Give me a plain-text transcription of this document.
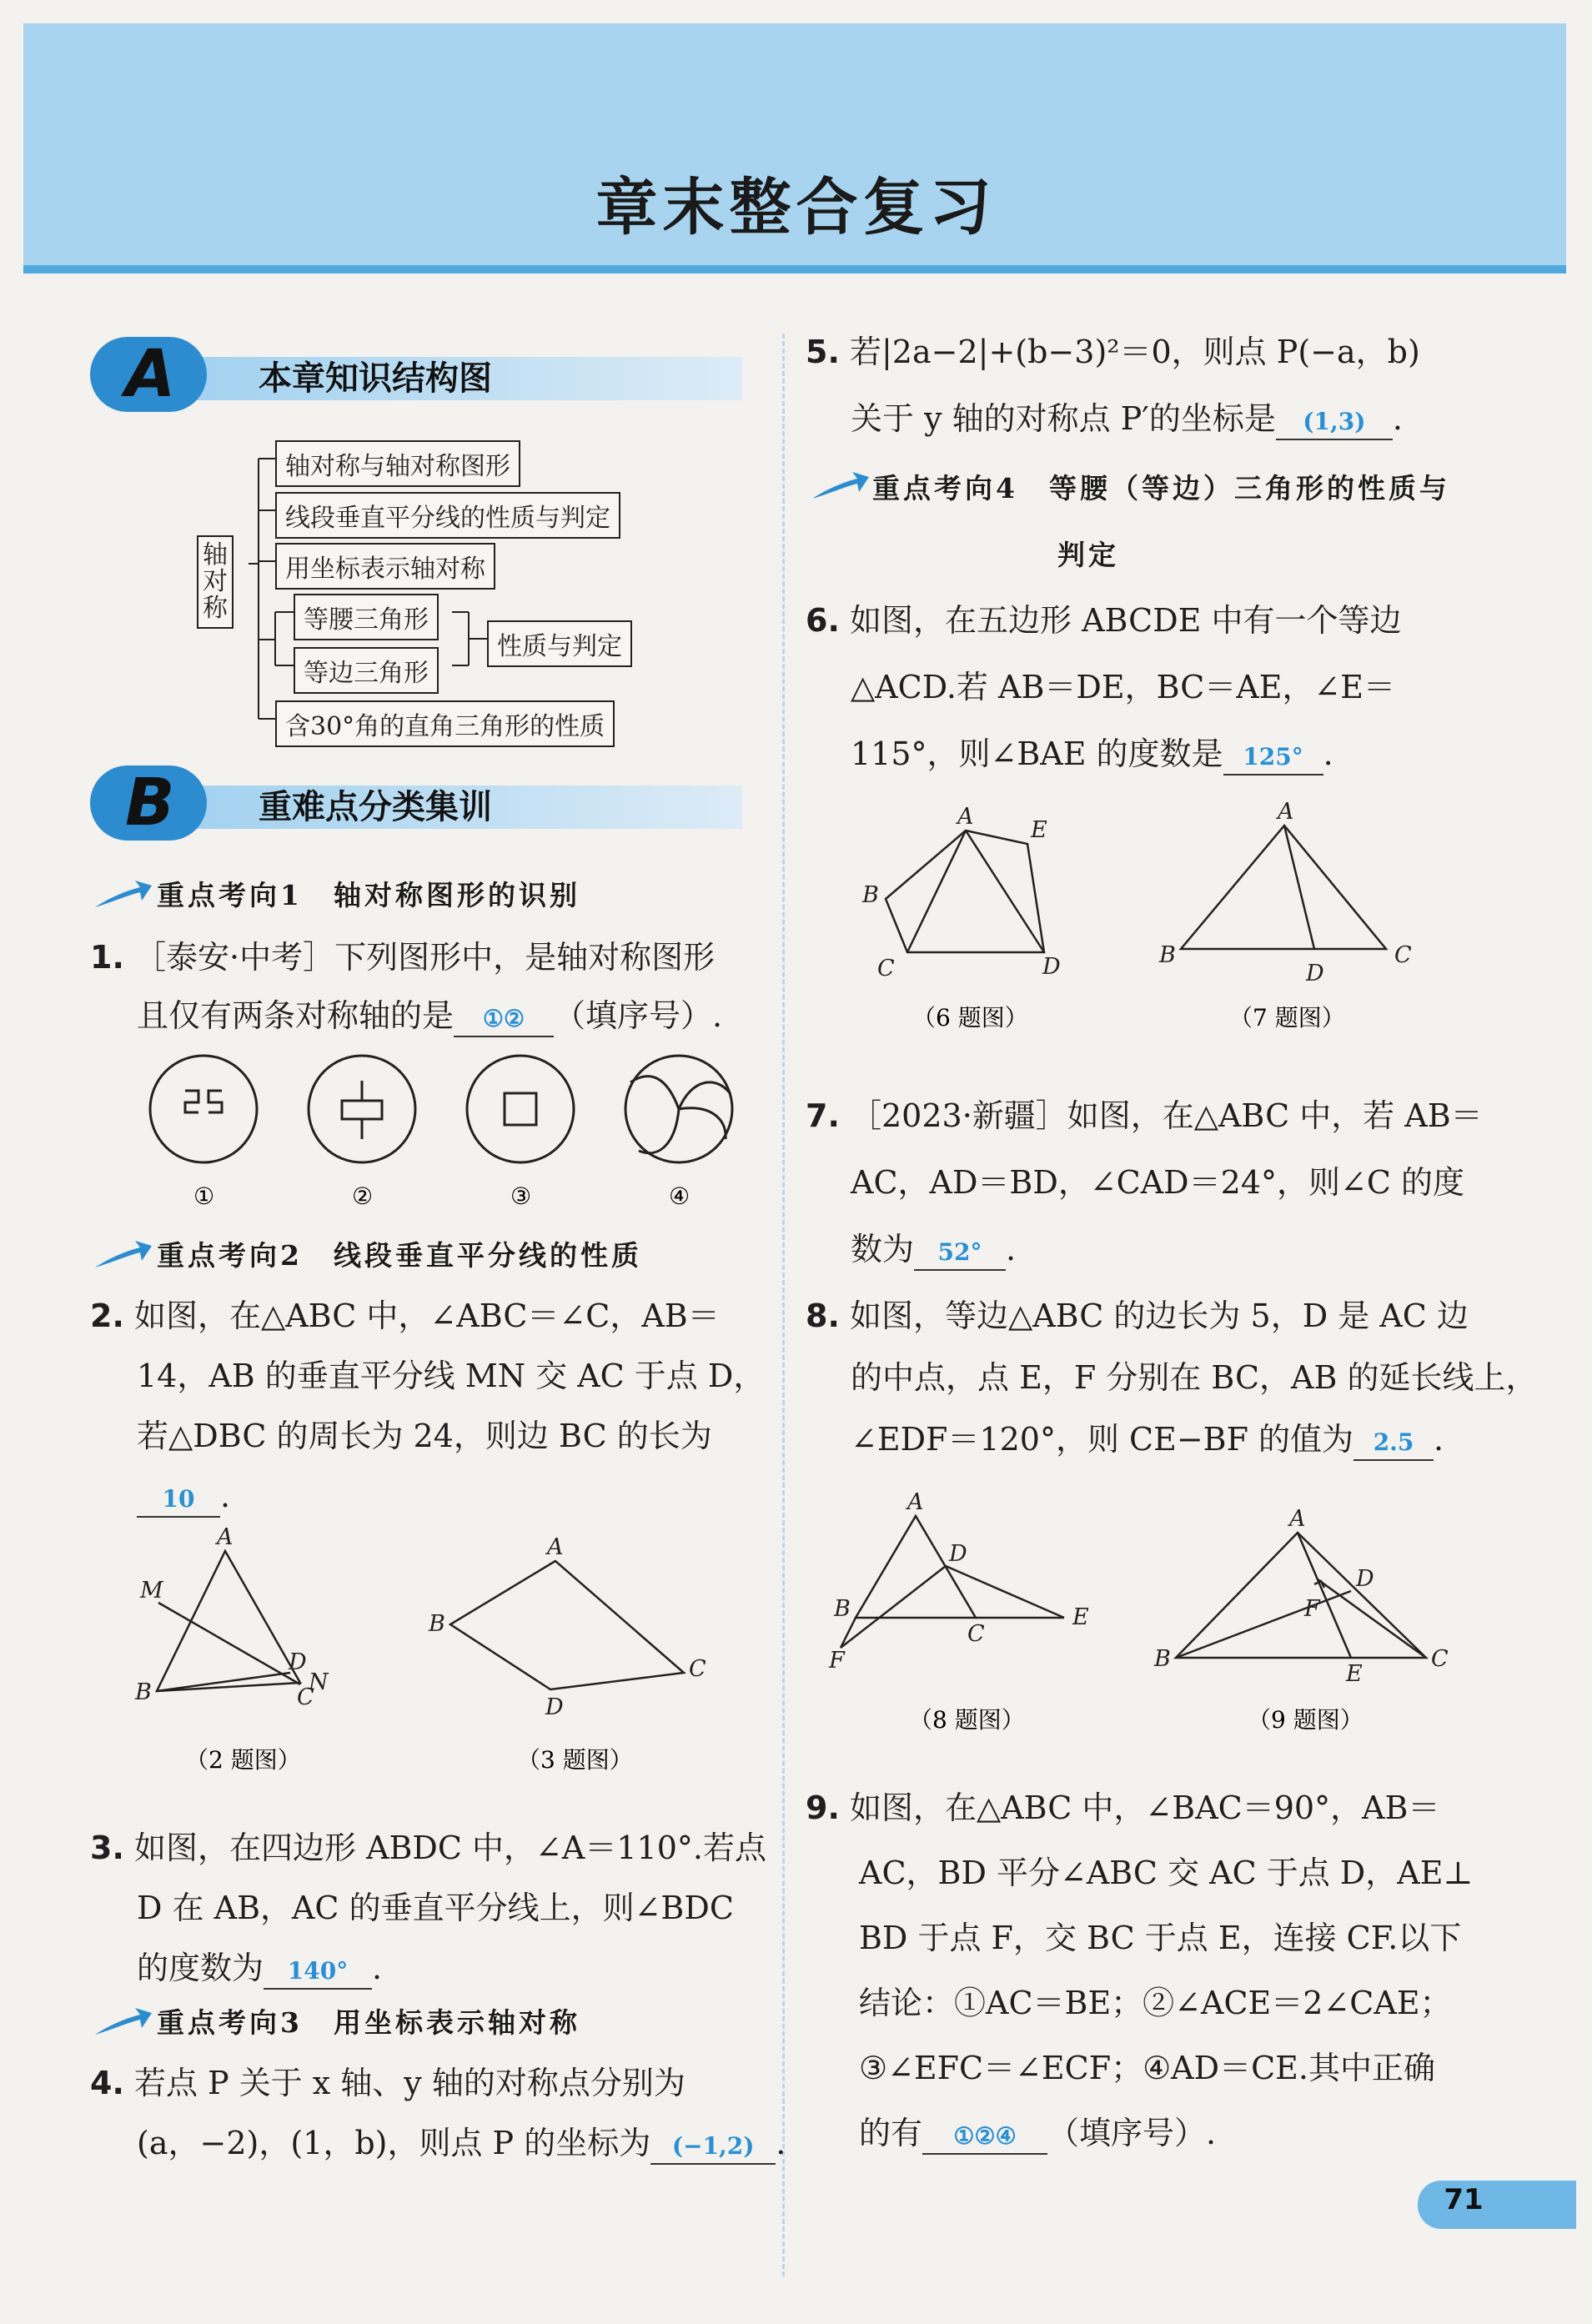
章末整合复习
A 本章知识结构图
轴对称
轴对称与轴对称图形
线段垂直平分线的性质与判定
用坐标表示轴对称
等腰三角形
等边三角形
性质与判定
含30°角的直角三角形的性质
B	重难点分类集训
重点考向1　轴对称图形的识别
1. ［泰安·中考］下列图形中，是轴对称图形
且仅有两条对称轴的是 ①② （填序号）.
①	②	③	④
重点考向2　线段垂直平分线的性质
2. 如图，在△ABC 中，∠ABC＝∠C，AB＝
14，AB 的垂直平分线 MN 交 AC 于点 D，
若△DBC 的周长为 24，则边 BC 的长为
10 .
A
M
D
N
B	C
（2 题图）
A
B
C
D
（3 题图）
3. 如图，在四边形 ABDC 中，∠A＝110°.若点
D 在 AB，AC 的垂直平分线上，则∠BDC
的度数为 140° .
重点考向3　用坐标表示轴对称
4. 若点 P 关于 x 轴、y 轴的对称点分别为
(a，−2)，(1，b)，则点 P 的坐标为 (−1,2) .
5. 若|2a−2|+(b−3)²＝0，则点 P(−a，b)
关于 y 轴的对称点 P′的坐标是 (1,3) .
重点考向4　等腰（等边）三角形的性质与
判定
6. 如图，在五边形 ABCDE 中有一个等边
△ACD.若 AB＝DE，BC＝AE，∠E＝
115°，则∠BAE 的度数是 125° .
A
E
B
C	D
（6 题图）
A
B
D
C
（7 题图）
7. ［2023·新疆］如图，在△ABC 中，若 AB＝
AC，AD＝BD，∠CAD＝24°，则∠C 的度
数为 52° .
8. 如图，等边△ABC 的边长为 5，D 是 AC 边
的中点，点 E，F 分别在 BC，AB 的延长线上，
∠EDF＝120°，则 CE−BF 的值为 2.5 .
A
D
B
C
E
F
（8 题图）
A
D
F
B
E
C
（9 题图）
9. 如图，在△ABC 中，∠BAC＝90°，AB＝
AC，BD 平分∠ABC 交 AC 于点 D，AE⊥
BD 于点 F，交 BC 于点 E，连接 CF.以下
结论：①AC＝BE；②∠ACE＝2∠CAE；
③∠EFC＝∠ECF；④AD＝CE.其中正确
的有 ①②④ （填序号）.
71
